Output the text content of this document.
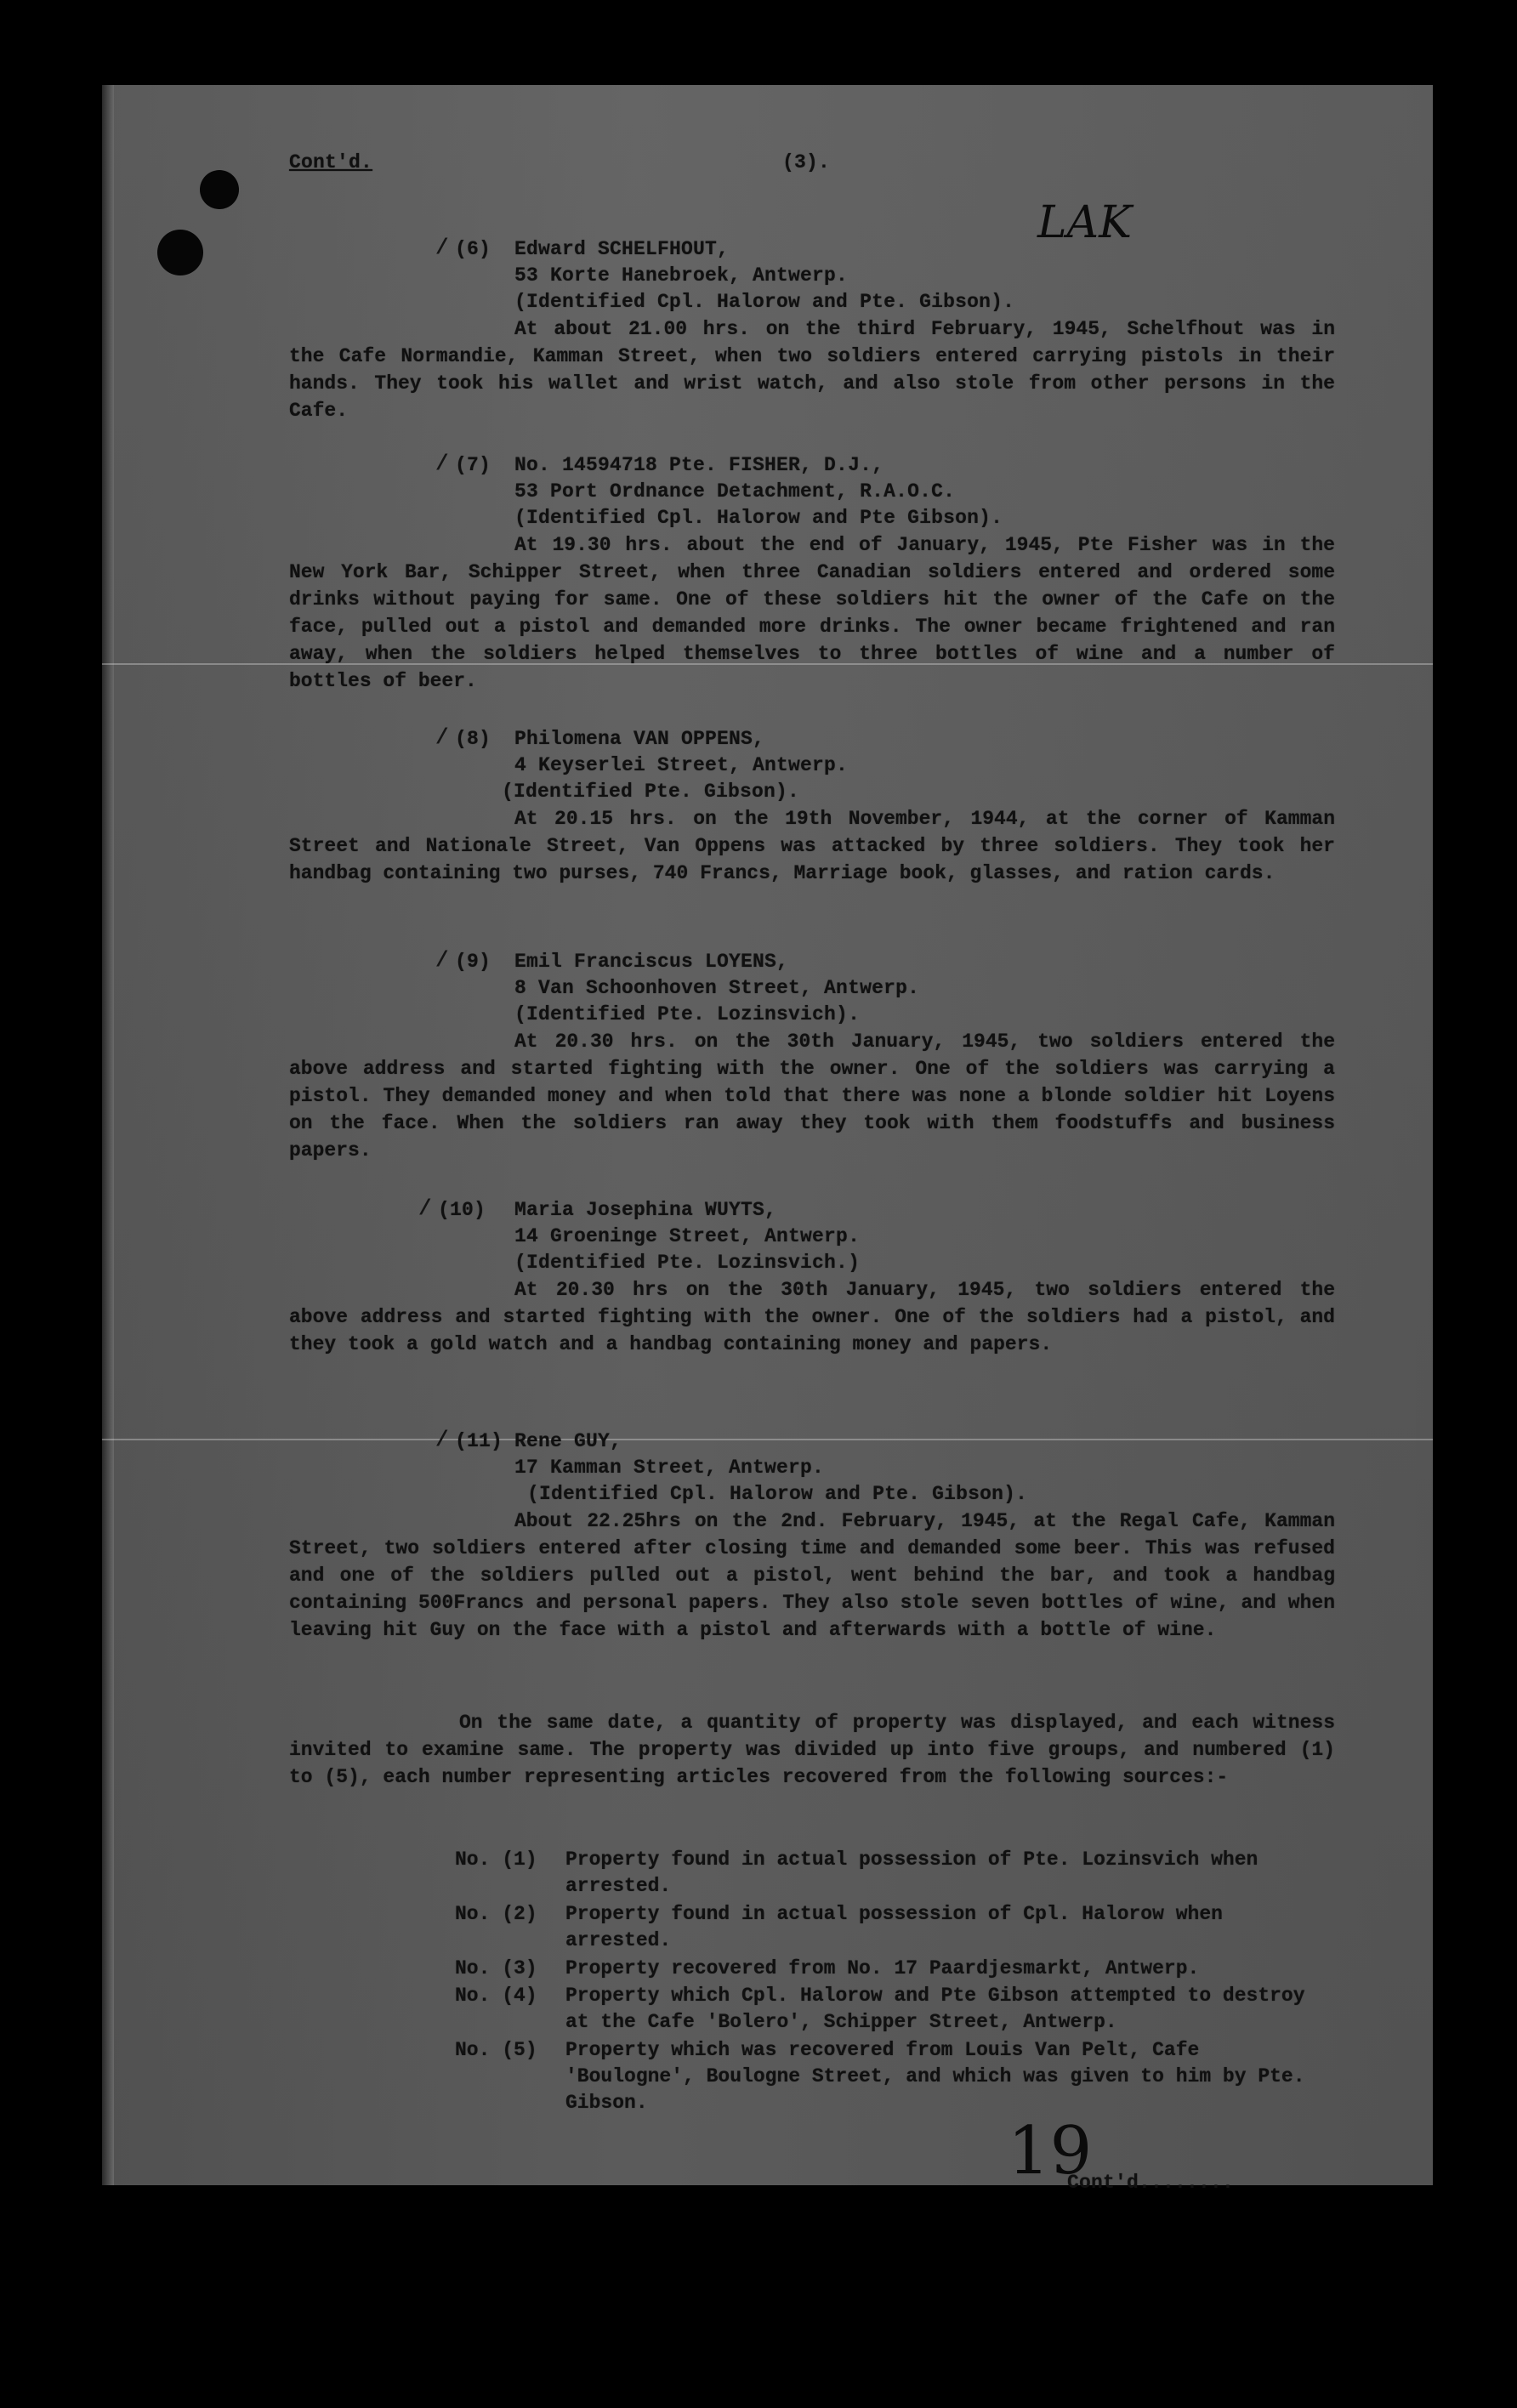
Cont'd.	(3).
LAK
/ (6) Edward SCHELFHOUT,
53 Korte Hanebroek, Antwerp.
(Identified Cpl. Halorow and Pte. Gibson).
At about 21.00 hrs. on the third February, 1945, Schelfhout was in the Cafe Normandie, Kamman Street, when two soldiers entered carrying pistols in their hands. They took his wallet and wrist watch, and also stole from other persons in the Cafe.
/ (7) No. 14594718 Pte. FISHER, D.J.,
53 Port Ordnance Detachment, R.A.O.C.
(Identified Cpl. Halorow and Pte Gibson).
At 19.30 hrs. about the end of January, 1945, Pte Fisher was in the New York Bar, Schipper Street, when three Canadian soldiers entered and ordered some drinks without paying for same. One of these soldiers hit the owner of the Cafe on the face, pulled out a pistol and demanded more drinks. The owner became frightened and ran away, when the soldiers helped themselves to three bottles of wine and a number of bottles of beer.
/ (8) Philomena VAN OPPENS,
4 Keyserlei Street, Antwerp.
(Identified Pte. Gibson).
At 20.15 hrs. on the 19th November, 1944, at the corner of Kamman Street and Nationale Street, Van Oppens was attacked by three soldiers. They took her handbag containing two purses, 740 Francs, Marriage book, glasses, and ration cards.
/ (9) Emil Franciscus LOYENS,
8 Van Schoonhoven Street, Antwerp.
(Identified Pte. Lozinsvich).
At 20.30 hrs. on the 30th January, 1945, two soldiers entered the above address and started fighting with the owner. One of the soldiers was carrying a pistol. They demanded money and when told that there was none a blonde soldier hit Loyens on the face. When the soldiers ran away they took with them foodstuffs and business papers.
/ (10) Maria Josephina WUYTS,
14 Groeninge Street, Antwerp.
(Identified Pte. Lozinsvich.)
At 20.30 hrs on the 30th January, 1945, two soldiers entered the above address and started fighting with the owner. One of the soldiers had a pistol, and they took a gold watch and a handbag containing money and papers.
/ (11) Rene GUY,
17 Kamman Street, Antwerp.
(Identified Cpl. Halorow and Pte. Gibson).
About 22.25hrs on the 2nd. February, 1945, at the Regal Cafe, Kamman Street, two soldiers entered after closing time and demanded some beer. This was refused and one of the soldiers pulled out a pistol, went behind the bar, and took a handbag containing 500Francs and personal papers. They also stole seven bottles of wine, and when leaving hit Guy on the face with a pistol and afterwards with a bottle of wine.
On the same date, a quantity of property was displayed, and each witness invited to examine same. The property was divided up into five groups, and numbered (1) to (5), each number representing articles recovered from the following sources:-
No. (1) Property found in actual possession of Pte. Lozinsvich when arrested.
No. (2) Property found in actual possession of Cpl. Halorow when arrested.
No. (3) Property recovered from No. 17 Paardjesmarkt, Antwerp.
No. (4) Property which Cpl. Halorow and Pte Gibson attempted to destroy at the Cafe 'Bolero', Schipper Street, Antwerp.
No. (5) Property which was recovered from Louis Van Pelt, Cafe 'Boulogne', Boulogne Street, and which was given to him by Pte. Gibson.
19
Cont'd........
